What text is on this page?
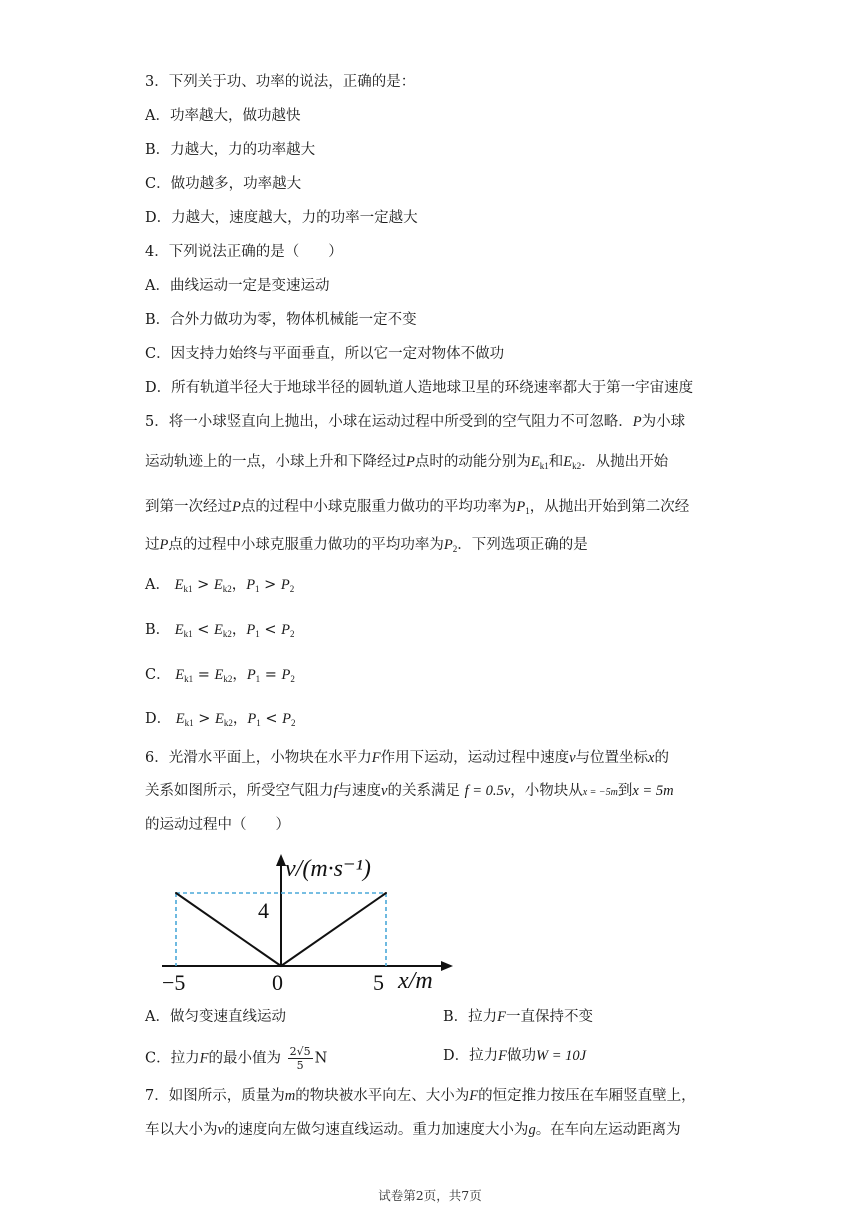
3．下列关于功、功率的说法，正确的是：
A．功率越大，做功越快
B．力越大，力的功率越大
C．做功越多，功率越大
D．力越大，速度越大，力的功率一定越大
4．下列说法正确的是（　　）
A．曲线运动一定是变速运动
B．合外力做功为零，物体机械能一定不变
C．因支持力始终与平面垂直，所以它一定对物体不做功
D．所有轨道半径大于地球半径的圆轨道人造地球卫星的环绕速率都大于第一宇宙速度
5．将一小球竖直向上抛出，小球在运动过程中所受到的空气阻力不可忽略．P为小球
运动轨迹上的一点，小球上升和下降经过P点时的动能分别为$E_{k1}$和$E_{k2}$．从抛出开始
到第一次经过P点的过程中小球克服重力做功的平均功率为$P_1$，从抛出开始到第二次经
过P点的过程中小球克服重力做功的平均功率为$P_2$．下列选项正确的是
A． $E_{k1} > E_{k2}$，$P_1 > P_2$
B． $E_{k1} < E_{k2}$，$P_1 < P_2$
C． $E_{k1} = E_{k2}$，$P_1 = P_2$
D． $E_{k1} > E_{k2}$，$P_1 < P_2$
6．光滑水平面上，小物块在水平力F作用下运动，运动过程中速度v与位置坐标x的
关系如图所示，所受空气阻力f与速度v的关系满足 f = 0.5v，小物块从x = −5m到x = 5m
的运动过程中（　　）
v/(m·s⁻¹)
4
−5	0	5 x/m
A．做匀变速直线运动	B．拉力F一直保持不变
C．拉力F的最小值为 $\frac{2√5}{5}$ N	D．拉力F做功W = 10J
7．如图所示，质量为m的物块被水平向左、大小为F的恒定推力按压在车厢竖直壁上，
车以大小为v的速度向左做匀速直线运动。重力加速度大小为g。在车向左运动距离为
试卷第2页，共7页
